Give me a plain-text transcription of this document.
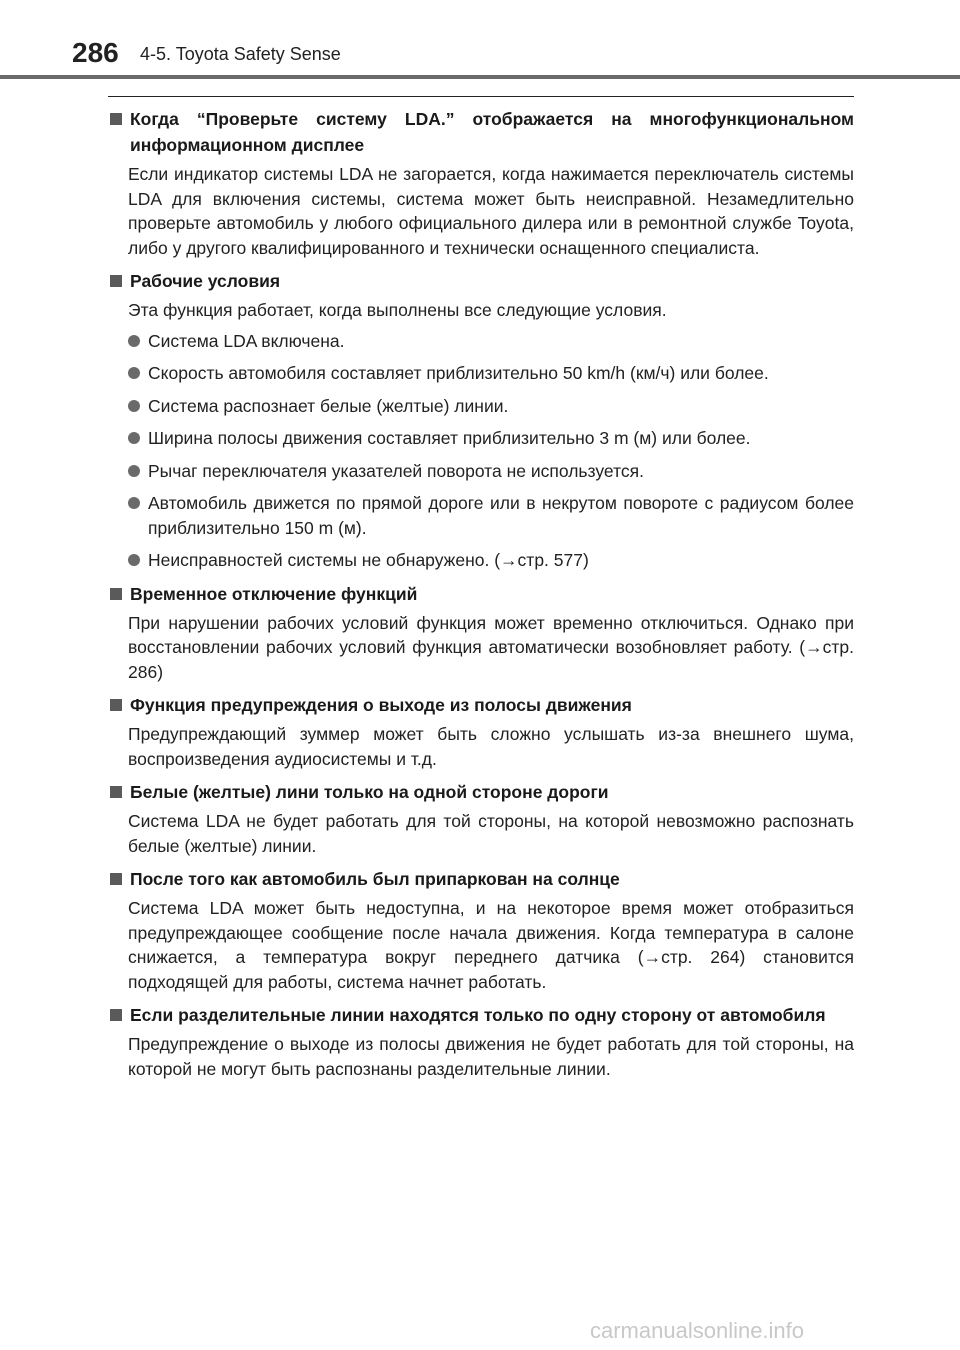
286 4-5. Toyota Safety Sense
Когда “Проверьте систему LDA.” отображается на многофункциональном информационном дисплее
Если индикатор системы LDA не загорается, когда нажимается переключатель системы LDA для включения системы, система может быть неисправной. Незамедлительно проверьте автомобиль у любого официального дилера или в ремонтной службе Toyota, либо у другого квалифицированного и технически оснащенного специалиста.
Рабочие условия
Эта функция работает, когда выполнены все следующие условия.
Система LDA включена.
Скорость автомобиля составляет приблизительно 50 km/h (км/ч) или более.
Система распознает белые (желтые) линии.
Ширина полосы движения составляет приблизительно 3 m (м) или более.
Рычаг переключателя указателей поворота не используется.
Автомобиль движется по прямой дороге или в некрутом повороте с радиусом более приблизительно 150 m (м).
Неисправностей системы не обнаружено. (→стр. 577)
Временное отключение функций
При нарушении рабочих условий функция может временно отключиться. Однако при восстановлении рабочих условий функция автоматически возобновляет работу. (→стр. 286)
Функция предупреждения о выходе из полосы движения
Предупреждающий зуммер может быть сложно услышать из-за внешнего шума, воспроизведения аудиосистемы и т.д.
Белые (желтые) лини только на одной стороне дороги
Система LDA не будет работать для той стороны, на которой невозможно распознать белые (желтые) линии.
После того как автомобиль был припаркован на солнце
Система LDA может быть недоступна, и на некоторое время может отобразиться предупреждающее сообщение после начала движения. Когда температура в салоне снижается, а температура вокруг переднего датчика (→стр. 264) становится подходящей для работы, система начнет работать.
Если разделительные линии находятся только по одну сторону от автомобиля
Предупреждение о выходе из полосы движения не будет работать для той стороны, на которой не могут быть распознаны разделительные линии.
carmanualsonline.info
